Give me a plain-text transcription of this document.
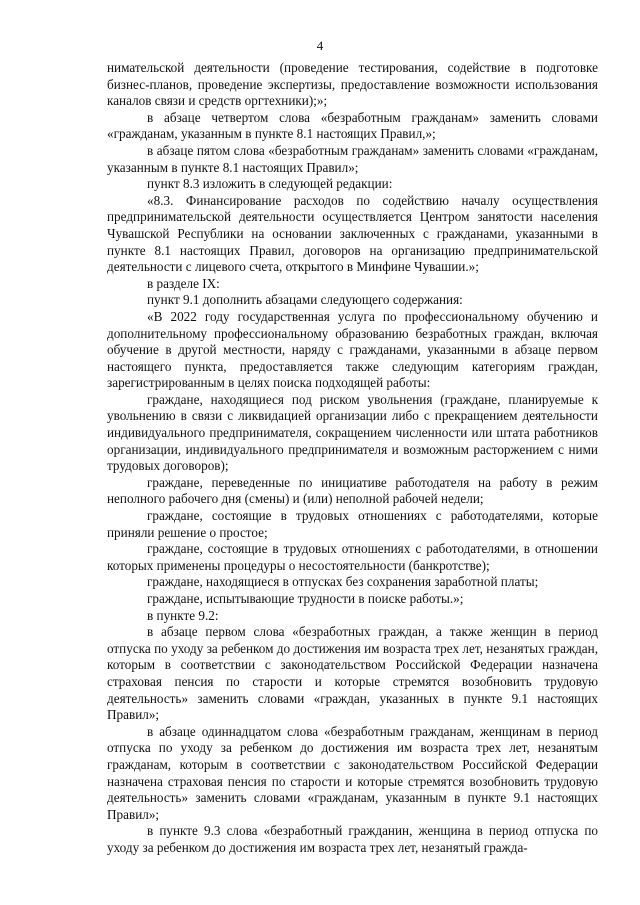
4

нимательской деятельности (проведение тестирования, содействие в подготовке бизнес-планов, проведение экспертизы, предоставление возможности использования каналов связи и средств оргтехники);»;

в абзаце четвертом слова «безработным гражданам» заменить словами «гражданам, указанным в пункте 8.1 настоящих Правил,»;

в абзаце пятом слова «безработным гражданам» заменить словами «гражданам, указанным в пункте 8.1 настоящих Правил»;

пункт 8.3 изложить в следующей редакции:

«8.3. Финансирование расходов по содействию началу осуществления предпринимательской деятельности осуществляется Центром занятости населения Чувашской Республики на основании заключенных с гражданами, указанными в пункте 8.1 настоящих Правил, договоров на организацию предпринимательской деятельности с лицевого счета, открытого в Минфине Чувашии.»;

в разделе IX:

пункт 9.1 дополнить абзацами следующего содержания:

«В 2022 году государственная услуга по профессиональному обучению и дополнительному профессиональному образованию безработных граждан, включая обучение в другой местности, наряду с гражданами, указанными в абзаце первом настоящего пункта, предоставляется также следующим категориям граждан, зарегистрированным в целях поиска подходящей работы:

граждане, находящиеся под риском увольнения (граждане, планируемые к увольнению в связи с ликвидацией организации либо с прекращением деятельности индивидуального предпринимателя, сокращением численности или штата работников организации, индивидуального предпринимателя и возможным расторжением с ними трудовых договоров);

граждане, переведенные по инициативе работодателя на работу в режим неполного рабочего дня (смены) и (или) неполной рабочей недели;

граждане, состоящие в трудовых отношениях с работодателями, которые приняли решение о простое;

граждане, состоящие в трудовых отношениях с работодателями, в отношении которых применены процедуры о несостоятельности (банкротстве);

граждане, находящиеся в отпусках без сохранения заработной платы;

граждане, испытывающие трудности в поиске работы.»;

в пункте 9.2:

в абзаце первом слова «безработных граждан, а также женщин в период отпуска по уходу за ребенком до достижения им возраста трех лет, незанятых граждан, которым в соответствии с законодательством Российской Федерации назначена страховая пенсия по старости и которые стремятся возобновить трудовую деятельность» заменить словами «граждан, указанных в пункте 9.1 настоящих Правил»;

в абзаце одиннадцатом слова «безработным гражданам, женщинам в период отпуска по уходу за ребенком до достижения им возраста трех лет, незанятым гражданам, которым в соответствии с законодательством Российской Федерации назначена страховая пенсия по старости и которые стремятся возобновить трудовую деятельность» заменить словами «гражданам, указанным в пункте 9.1 настоящих Правил»;

в пункте 9.3 слова «безработный гражданин, женщина в период отпуска по уходу за ребенком до достижения им возраста трех лет, незанятый гражда-
